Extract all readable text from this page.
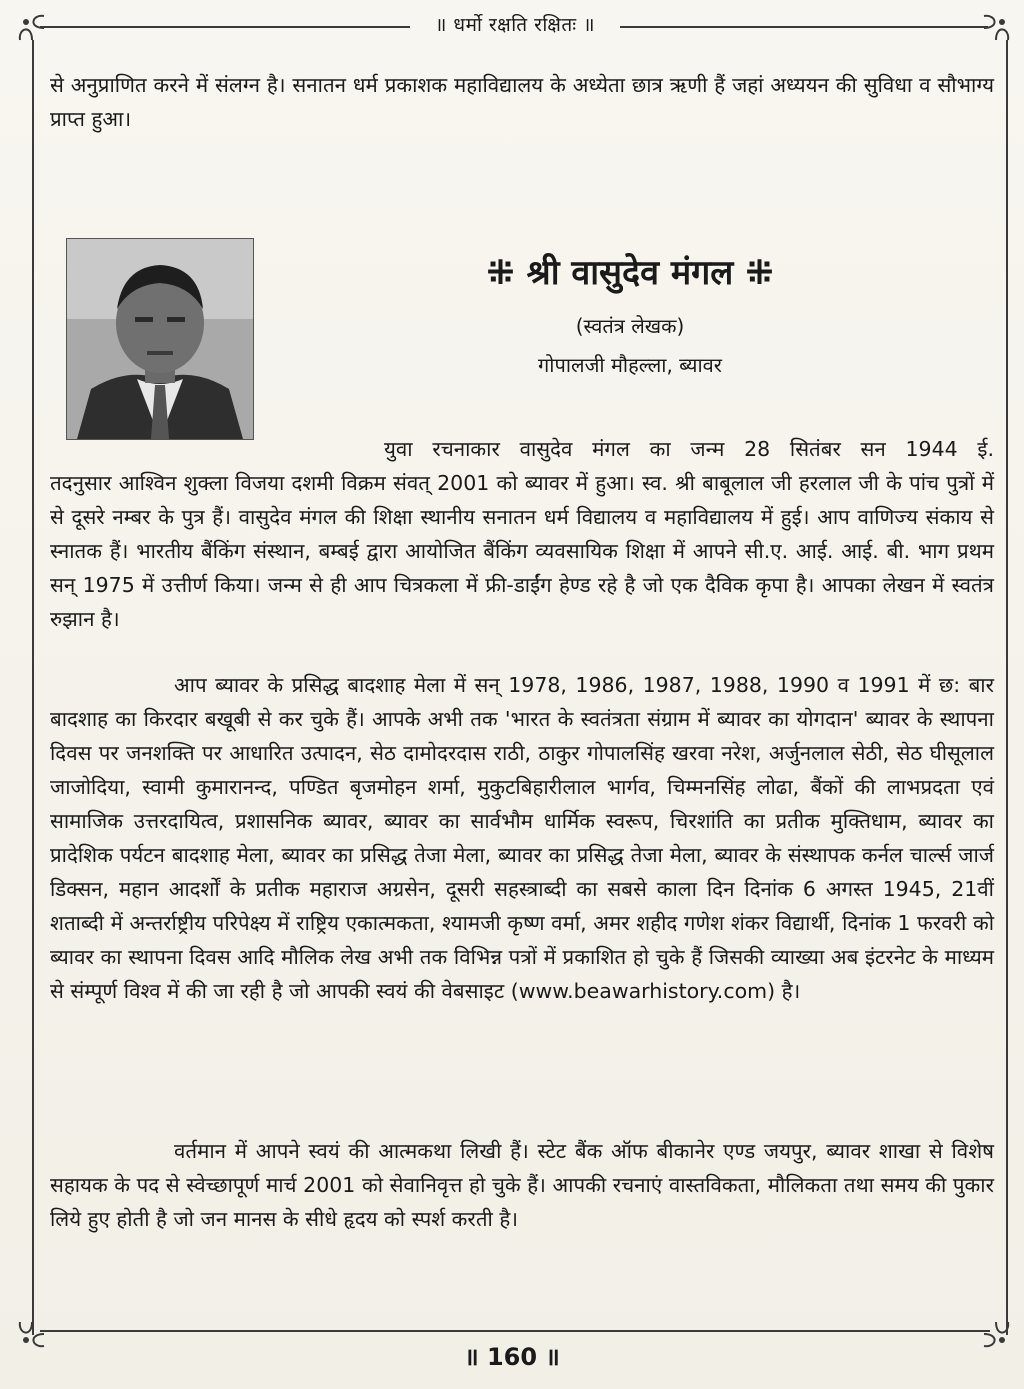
॥ धर्मो रक्षति रक्षितः ॥

से अनुप्राणित करने में संलग्न है। सनातन धर्म प्रकाशक महाविद्यालय के अध्येता छात्र ऋणी हैं जहां अध्ययन की सुविधा व सौभाग्य प्राप्त हुआ।

⁜ श्री वासुदेव मंगल ⁜
(स्वतंत्र लेखक)
गोपालजी मौहल्ला, ब्यावर
युवा रचनाकार वासुदेव मंगल का जन्म 28 सितंबर सन 1944 ई.

तदनुसार आश्विन शुक्ला विजया दशमी विक्रम संवत् 2001 को ब्यावर में हुआ। स्व. श्री बाबूलाल जी हरलाल जी के पांच पुत्रों में से दूसरे नम्बर के पुत्र हैं। वासुदेव मंगल की शिक्षा स्थानीय सनातन धर्म विद्यालय व महाविद्यालय में हुई। आप वाणिज्य संकाय से स्नातक हैं। भारतीय बैंकिंग संस्थान, बम्बई द्वारा आयोजित बैंकिंग व्यवसायिक शिक्षा में आपने सी.ए. आई. आई. बी. भाग प्रथम सन् 1975 में उत्तीर्ण किया। जन्म से ही आप चित्रकला में फ्री-डाईंग हेण्ड रहे है जो एक दैविक कृपा है। आपका लेखन में स्वतंत्र रुझान है।

आप ब्यावर के प्रसिद्ध बादशाह मेला में सन् 1978, 1986, 1987, 1988, 1990 व 1991 में छ: बार बादशाह का किरदार बखूबी से कर चुके हैं। आपके अभी तक 'भारत के स्वतंत्रता संग्राम में ब्यावर का योगदान' ब्यावर के स्थापना दिवस पर जनशक्ति पर आधारित उत्पादन, सेठ दामोदरदास राठी, ठाकुर गोपालसिंह खरवा नरेश, अर्जुनलाल सेठी, सेठ घीसूलाल जाजोदिया, स्वामी कुमारानन्द, पण्डित बृजमोहन शर्मा, मुकुटबिहारीलाल भार्गव, चिम्मनसिंह लोढा, बैंकों की लाभप्रदता एवं सामाजिक उत्तरदायित्व, प्रशासनिक ब्यावर, ब्यावर का सार्वभौम धार्मिक स्वरूप, चिरशांति का प्रतीक मुक्तिधाम, ब्यावर का प्रादेशिक पर्यटन बादशाह मेला, ब्यावर का प्रसिद्ध तेजा मेला, ब्यावर का प्रसिद्ध तेजा मेला, ब्यावर के संस्थापक कर्नल चार्ल्स जार्ज डिक्सन, महान आदर्शों के प्रतीक महाराज अग्रसेन, दूसरी सहस्त्राब्दी का सबसे काला दिन दिनांक 6 अगस्त 1945, 21वीं शताब्दी में अन्तर्राष्ट्रीय परिपेक्ष्य में राष्ट्रिय एकात्मकता, श्यामजी कृष्ण वर्मा, अमर शहीद गणेश शंकर विद्यार्थी, दिनांक 1 फरवरी को ब्यावर का स्थापना दिवस आदि मौलिक लेख अभी तक विभिन्न पत्रों में प्रकाशित हो चुके हैं जिसकी व्याख्या अब इंटरनेट के माध्यम से संम्पूर्ण विश्व में की जा रही है जो आपकी स्वयं की वेबसाइट (www.beawarhistory.com) है।

वर्तमान में आपने स्वयं की आत्मकथा लिखी हैं। स्टेट बैंक ऑफ बीकानेर एण्ड जयपुर, ब्यावर शाखा से विशेष सहायक के पद से स्वेच्छापूर्ण मार्च 2001 को सेवानिवृत्त हो चुके हैं। आपकी रचनाएं वास्तविकता, मौलिकता तथा समय की पुकार लिये हुए होती है जो जन मानस के सीधे हृदय को स्पर्श करती है।

॥ 160 ॥
